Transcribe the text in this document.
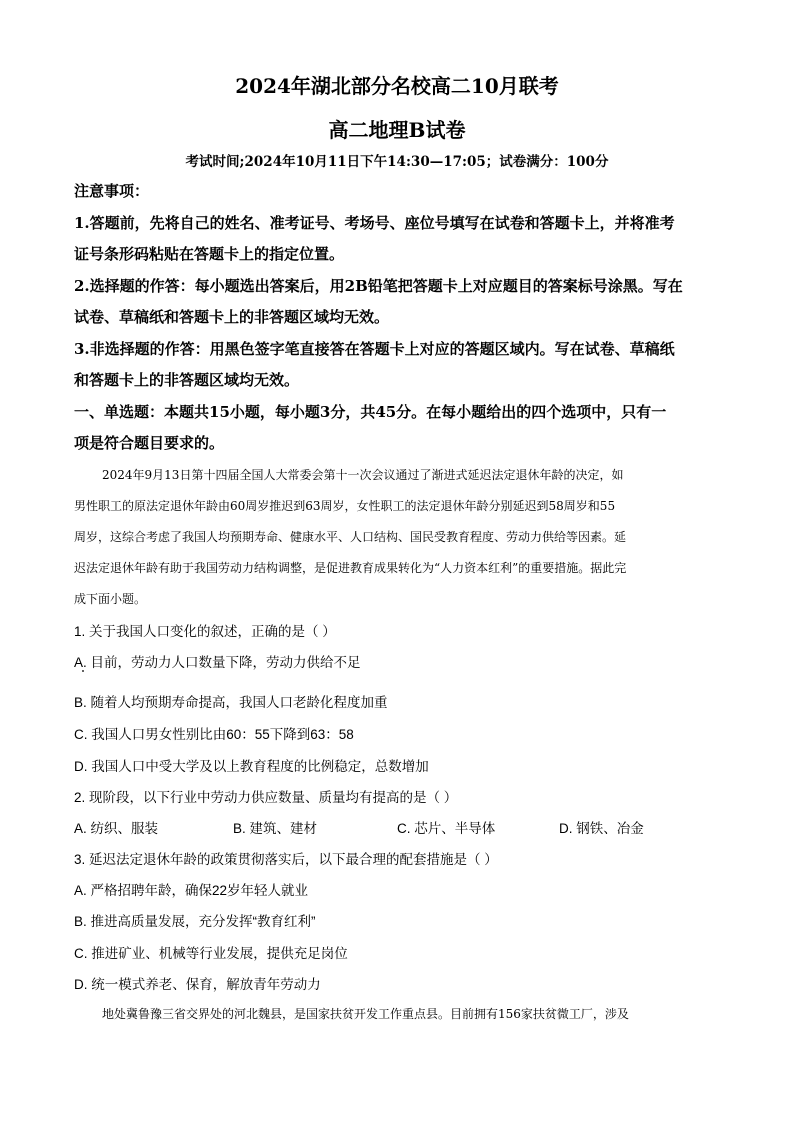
2024年湖北部分名校高二10月联考
高二地理B试卷
考试时间;2024年10月11日下午14:30—17:05；试卷满分：100分
注意事项：
1.答题前，先将自己的姓名、准考证号、考场号、座位号填写在试卷和答题卡上，并将准考
证号条形码粘贴在答题卡上的指定位置。
2.选择题的作答：每小题选出答案后，用2B铅笔把答题卡上对应题目的答案标号涂黑。写在
试卷、草稿纸和答题卡上的非答题区域均无效。
3.非选择题的作答：用黑色签字笔直接答在答题卡上对应的答题区域内。写在试卷、草稿纸
和答题卡上的非答题区域均无效。
一、单选题：本题共15小题，每小题3分，共45分。在每小题给出的四个选项中，只有一
项是符合题目要求的。
2024年9月13日第十四届全国人大常委会第十一次会议通过了渐进式延迟法定退休年龄的决定，如
男性职工的原法定退休年龄由60周岁推迟到63周岁，女性职工的法定退休年龄分别延迟到58周岁和55
周岁，这综合考虑了我国人均预期寿命、健康水平、人口结构、国民受教育程度、劳动力供给等因素。延
迟法定退休年龄有助于我国劳动力结构调整，是促进教育成果转化为“人力资本红利”的重要措施。据此完
成下面小题。
1. 关于我国人口变化的叙述，正确的是（ ）
A. 目前，劳动力人口数量下降，劳动力供给不足
B. 随着人均预期寿命提高，我国人口老龄化程度加重
C. 我国人口男女性别比由60：55下降到63：58
D. 我国人口中受大学及以上教育程度的比例稳定，总数增加
2. 现阶段，以下行业中劳动力供应数量、质量均有提高的是（ ）
A. 纺织、服装	B. 建筑、建材	C. 芯片、半导体	D. 钢铁、冶金
3. 延迟法定退休年龄的政策贯彻落实后，以下最合理的配套措施是（ ）
A. 严格招聘年龄，确保22岁年轻人就业
B. 推进高质量发展，充分发挥“教育红利”
C. 推进矿业、机械等行业发展，提供充足岗位
D. 统一模式养老、保育，解放青年劳动力
地处冀鲁豫三省交界处的河北魏县，是国家扶贫开发工作重点县。目前拥有156家扶贫微工厂，涉及
